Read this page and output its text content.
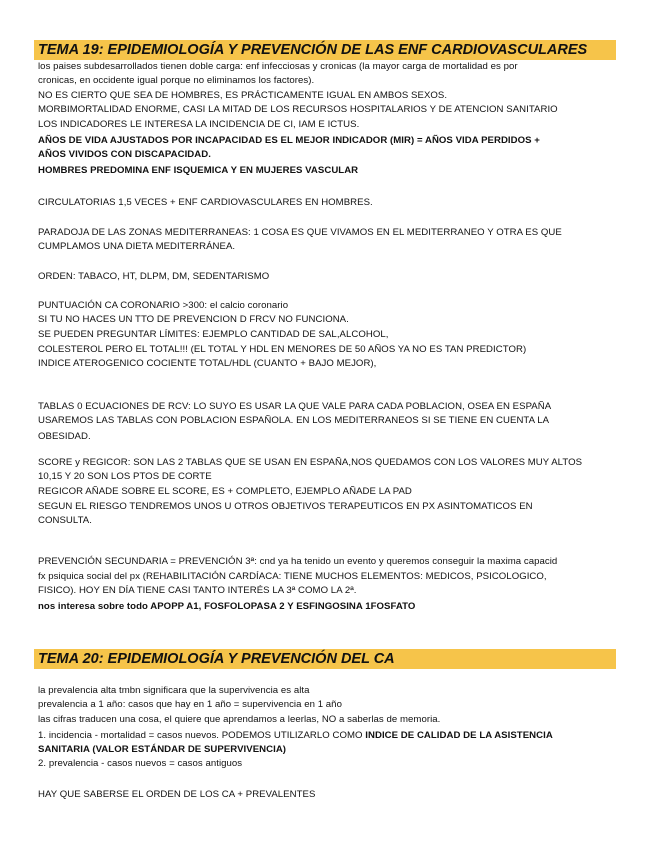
TEMA 19: EPIDEMIOLOGÍA Y PREVENCIÓN DE LAS ENF CARDIOVASCULARES
los paises subdesarrollados tienen doble carga: enf infecciosas y cronicas (la mayor carga de mortalidad es por
cronicas, en occidente igual porque no eliminamos los factores).
NO ES CIERTO QUE SEA DE HOMBRES, ES PRÁCTICAMENTE IGUAL EN AMBOS SEXOS.
MORBIMORTALIDAD ENORME, CASI LA MITAD DE LOS RECURSOS HOSPITALARIOS Y DE ATENCION SANITARIO
LOS INDICADORES LE INTERESA LA INCIDENCIA DE CI, IAM E ICTUS.
AÑOS DE VIDA AJUSTADOS POR INCAPACIDAD ES EL MEJOR INDICADOR (MIR) = AÑOS VIDA PERDIDOS +
AÑOS VIVIDOS CON DISCAPACIDAD.
HOMBRES PREDOMINA ENF ISQUEMICA Y EN MUJERES VASCULAR
CIRCULATORIAS 1,5 VECES + ENF CARDIOVASCULARES EN HOMBRES.
PARADOJA DE LAS ZONAS MEDITERRANEAS: 1 COSA ES QUE VIVAMOS EN EL MEDITERRANEO Y OTRA ES QUE
CUMPLAMOS UNA DIETA MEDITERRÁNEA.
ORDEN: TABACO, HT, DLPM, DM, SEDENTARISMO
PUNTUACIÓN CA CORONARIO >300: el calcio coronario
SI TU NO HACES UN TTO DE PREVENCION D FRCV NO FUNCIONA.
SE PUEDEN PREGUNTAR LÍMITES: EJEMPLO CANTIDAD DE SAL,ALCOHOL,
COLESTEROL PERO EL TOTAL!!! (EL TOTAL Y HDL EN MENORES DE 50 AÑOS YA NO ES TAN PREDICTOR)
INDICE ATEROGENICO COCIENTE TOTAL/HDL (CUANTO + BAJO MEJOR),
TABLAS 0 ECUACIONES DE RCV: LO SUYO ES USAR LA QUE VALE PARA CADA POBLACION, OSEA EN ESPAÑA
USAREMOS LAS TABLAS CON POBLACION ESPAÑOLA. EN LOS MEDITERRANEOS SI SE TIENE EN CUENTA LA
OBESIDAD.
SCORE y REGICOR: SON LAS 2 TABLAS QUE SE USAN EN ESPAÑA,NOS QUEDAMOS CON LOS VALORES MUY ALTOS
10,15 Y 20 SON LOS PTOS DE CORTE
REGICOR AÑADE SOBRE EL SCORE, ES + COMPLETO, EJEMPLO AÑADE LA PAD
SEGUN EL RIESGO TENDREMOS UNOS U OTROS OBJETIVOS TERAPEUTICOS EN PX ASINTOMATICOS EN
CONSULTA.
PREVENCIÓN SECUNDARIA = PREVENCIÓN 3ª: cnd ya ha tenido un evento y queremos conseguir la maxima capacid
fx psiquica social del px (REHABILITACIÓN CARDÍACA: TIENE MUCHOS ELEMENTOS: MEDICOS, PSICOLOGICO,
FISICO). HOY EN DÍA TIENE CASI TANTO INTERÉS LA 3ª COMO LA 2ª.
nos interesa sobre todo APOPP A1, FOSFOLOPASA 2 Y ESFINGOSINA 1FOSFATO
TEMA 20: EPIDEMIOLOGÍA Y PREVENCIÓN DEL CA
la prevalencia alta tmbn significara que la supervivencia es alta
prevalencia a 1 año: casos que hay en 1 año = supervivencia en 1 año
las cifras traducen una cosa, el quiere que aprendamos a leerlas, NO a saberlas de memoria.
1. incidencia - mortalidad = casos nuevos. PODEMOS UTILIZARLO COMO INDICE DE CALIDAD DE LA ASISTENCIA
SANITARIA (VALOR ESTÁNDAR DE SUPERVIVENCIA)
2. prevalencia - casos nuevos = casos antiguos
HAY QUE SABERSE EL ORDEN DE LOS CA + PREVALENTES
